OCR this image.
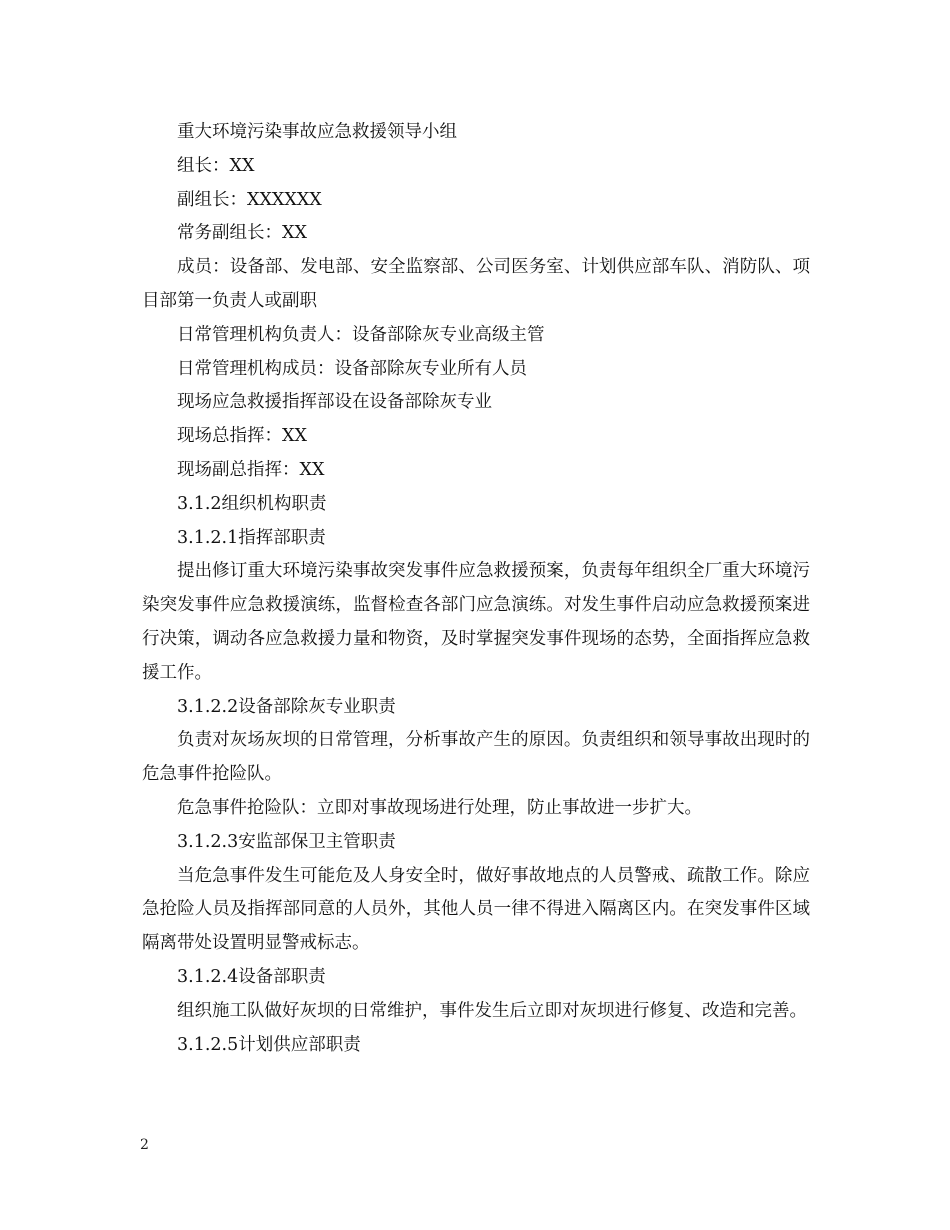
重大环境污染事故应急救援领导小组

组长：XX

副组长：XXXXXX

常务副组长：XX

成员：设备部、发电部、安全监察部、公司医务室、计划供应部车队、消防队、项目部第一负责人或副职

日常管理机构负责人：设备部除灰专业高级主管

日常管理机构成员：设备部除灰专业所有人员

现场应急救援指挥部设在设备部除灰专业

现场总指挥：XX

现场副总指挥：XX

3.1.2组织机构职责

3.1.2.1指挥部职责

提出修订重大环境污染事故突发事件应急救援预案，负责每年组织全厂重大环境污染突发事件应急救援演练，监督检查各部门应急演练。对发生事件启动应急救援预案进行决策，调动各应急救援力量和物资，及时掌握突发事件现场的态势，全面指挥应急救援工作。

3.1.2.2设备部除灰专业职责

负责对灰场灰坝的日常管理，分析事故产生的原因。负责组织和领导事故出现时的危急事件抢险队。

危急事件抢险队：立即对事故现场进行处理，防止事故进一步扩大。

3.1.2.3安监部保卫主管职责

当危急事件发生可能危及人身安全时，做好事故地点的人员警戒、疏散工作。除应急抢险人员及指挥部同意的人员外，其他人员一律不得进入隔离区内。在突发事件区域隔离带处设置明显警戒标志。

3.1.2.4设备部职责

组织施工队做好灰坝的日常维护，事件发生后立即对灰坝进行修复、改造和完善。

3.1.2.5计划供应部职责

2
